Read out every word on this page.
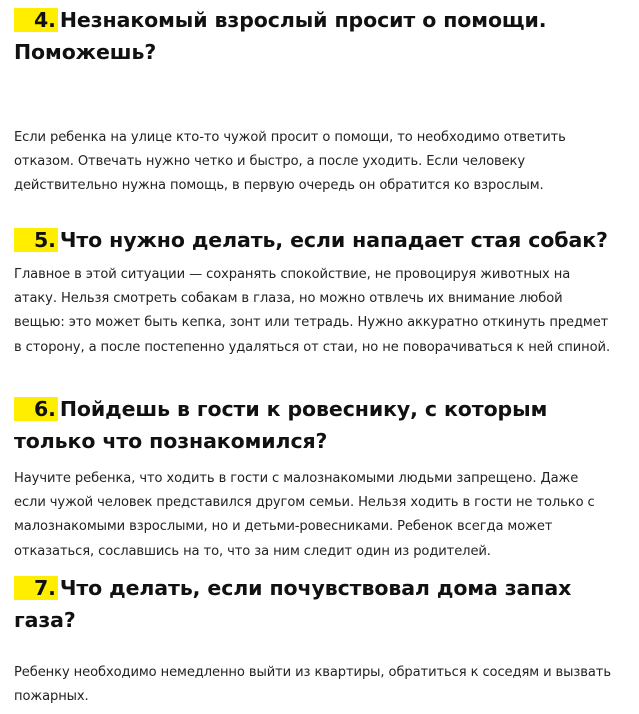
4. Незнакомый взрослый просит о помощи. Поможешь?

Если ребенка на улице кто-то чужой просит о помощи, то необходимо ответить отказом. Отвечать нужно четко и быстро, а после уходить. Если человеку действительно нужна помощь, в первую очередь он обратится ко взрослым.

5. Что нужно делать, если нападает стая собак?

Главное в этой ситуации — сохранять спокойствие, не провоцируя животных на атаку. Нельзя смотреть собакам в глаза, но можно отвлечь их внимание любой вещью: это может быть кепка, зонт или тетрадь. Нужно аккуратно откинуть предмет в сторону, а после постепенно удаляться от стаи, но не поворачиваться к ней спиной.

6. Пойдешь в гости к ровеснику, с которым только что познакомился?

Научите ребенка, что ходить в гости с малознакомыми людьми запрещено. Даже если чужой человек представился другом семьи. Нельзя ходить в гости не только с малознакомыми взрослыми, но и детьми-ровесниками. Ребенок всегда может отказаться, сославшись на то, что за ним следит один из родителей.

7. Что делать, если почувствовал дома запах газа?

Ребенку необходимо немедленно выйти из квартиры, обратиться к соседям и вызвать пожарных.
